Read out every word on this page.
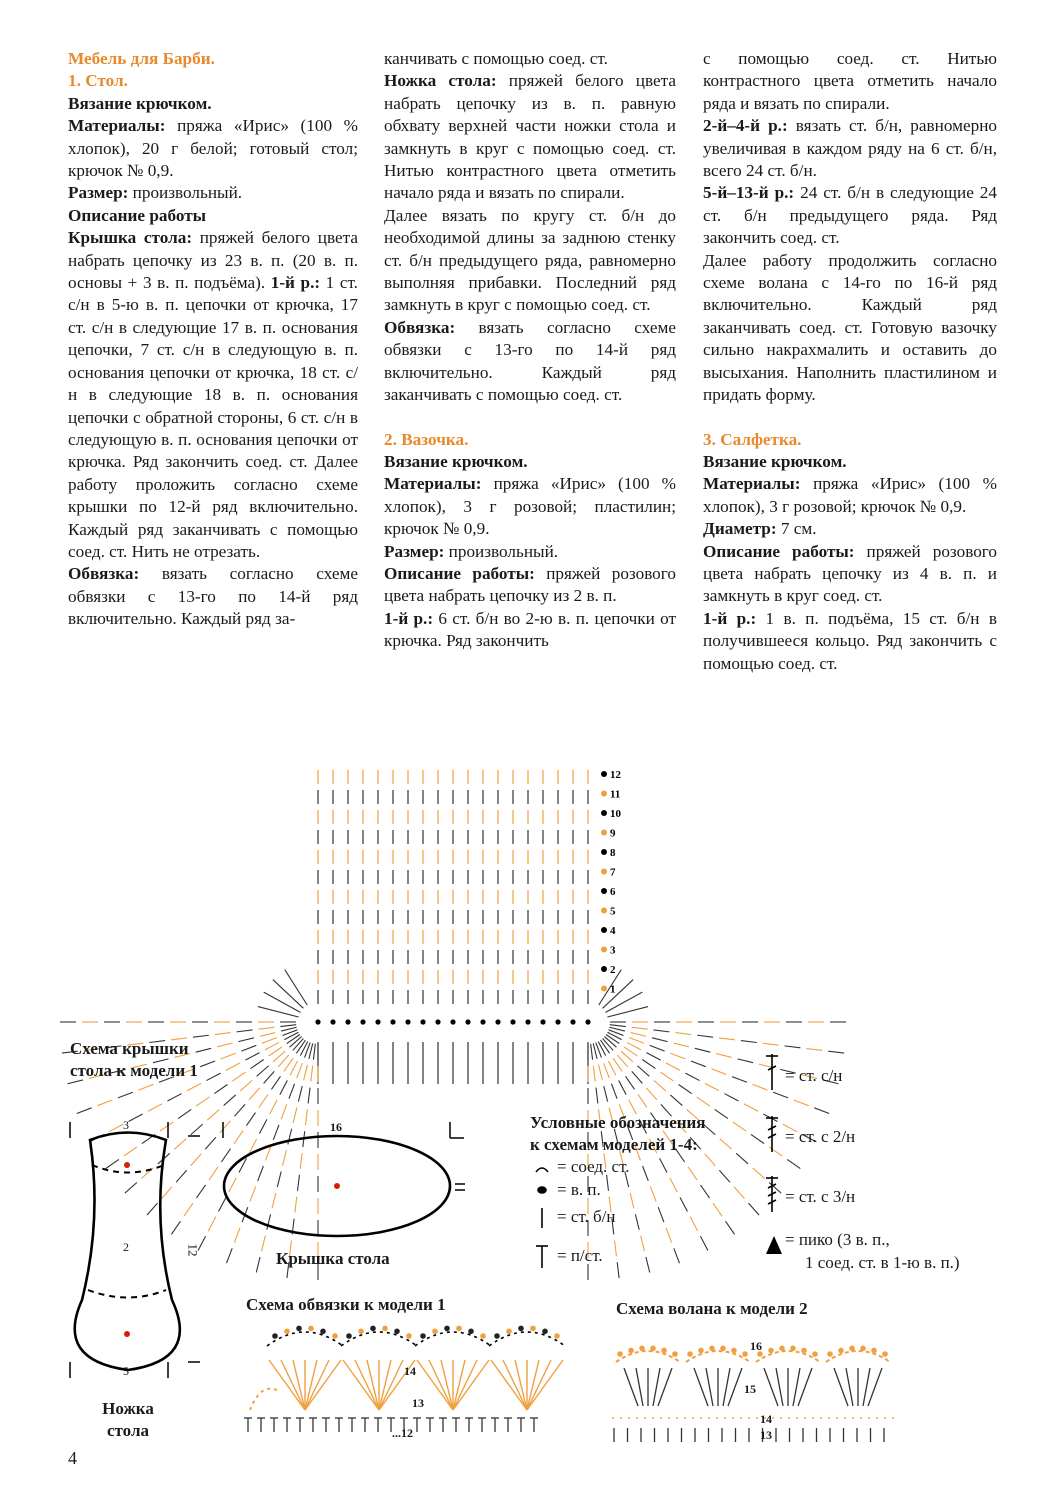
Мебель для Барби.

1. Стол.

Вязание крючком.

Материалы: пряжа «Ирис» (100 % хлопок), 20 г белой; готовый стол; крючок № 0,9.

Размер: произвольный.

Описание работы

Крышка стола: пряжей белого цвета набрать цепочку из 23 в. п. (20 в. п. основы + 3 в. п. подъёма). 1-й р.: 1 ст. с/н в 5-ю в. п. цепочки от крючка, 17 ст. с/н в следующие 17 в. п. основания цепочки, 7 ст. с/н в следующую в. п. основания цепочки от крючка, 18 ст. с/н в следующие 18 в. п. основания цепочки с обратной стороны, 6 ст. с/н в следующую в. п. основания цепочки от крючка. Ряд закончить соед. ст. Далее работу проложить согласно схеме крышки по 12-й ряд включительно. Каждый ряд заканчивать с помощью соед. ст. Нить не отрезать.

Обвязка: вязать согласно схеме обвязки с 13-го по 14-й ряд включительно. Каждый ряд за-

канчивать с помощью соед. ст.

Ножка стола: пряжей белого цвета набрать цепочку из в. п. равную обхвату верхней части ножки стола и замкнуть в круг с помощью соед. ст. Нитью контрастного цвета отметить начало ряда и вязать по спирали.

Далее вязать по кругу ст. б/н до необходимой длины за заднюю стенку ст. б/н предыдущего ряда, равномерно выполняя прибавки. Последний ряд замкнуть в круг с помощью соед. ст.

Обвязка: вязать согласно схеме обвязки с 13-го по 14-й ряд включительно. Каждый ряд заканчивать с помощью соед. ст.

2. Вазочка.

Вязание крючком.

Материалы: пряжа «Ирис» (100 % хлопок), 3 г розовой; пластилин; крючок № 0,9.

Размер: произвольный.

Описание работы: пряжей розового цвета набрать цепочку из 2 в. п.

1-й р.: 6 ст. б/н во 2-ю в. п. цепочки от крючка. Ряд закончить

с помощью соед. ст. Нитью контрастного цвета отметить начало ряда и вязать по спирали.

2-й–4-й р.: вязать ст. б/н, равномерно увеличивая в каждом ряду на 6 ст. б/н, всего 24 ст. б/н.

5-й–13-й р.: 24 ст. б/н в следующие 24 ст. б/н предыдущего ряда. Ряд закончить соед. ст.

Далее работу продолжить согласно схеме волана с 14-го по 16-й ряд включительно. Каждый ряд заканчивать соед. ст. Готовую вазочку сильно накрахмалить и оставить до высыхания. Наполнить пластилином и придать форму.

3. Салфетка.

Вязание крючком.

Материалы: пряжа «Ирис» (100 % хлопок), 3 г розовой; крючок № 0,9.

Диаметр: 7 см.

Описание работы: пряжей розового цвета набрать цепочку из 4 в. п. и замкнуть в круг соед. ст.

1-й р.: 1 в. п. подъёма, 15 ст. б/н в получившееся кольцо. Ряд закончить с помощью соед. ст.

12
11
10
9
8
7
6
5
4
3
2
1
Схема крышки
стола к модели 1
Условные обозначения
к схемам моделей 1-4:
= соед. ст.
= в. п.
= ст. б/н
= п/ст.
= ст. с/н
= ст. с 2/н
= ст. с 3/н
= пико (3 в. п.,
1 соед. ст. в 1-ю в. п.)
Ножка
стола
3
2
5
12	Крышка стола
16
Схема обвязки к модели 1
14
13
...12
Схема волана к модели 2
16
15
14
13
4
